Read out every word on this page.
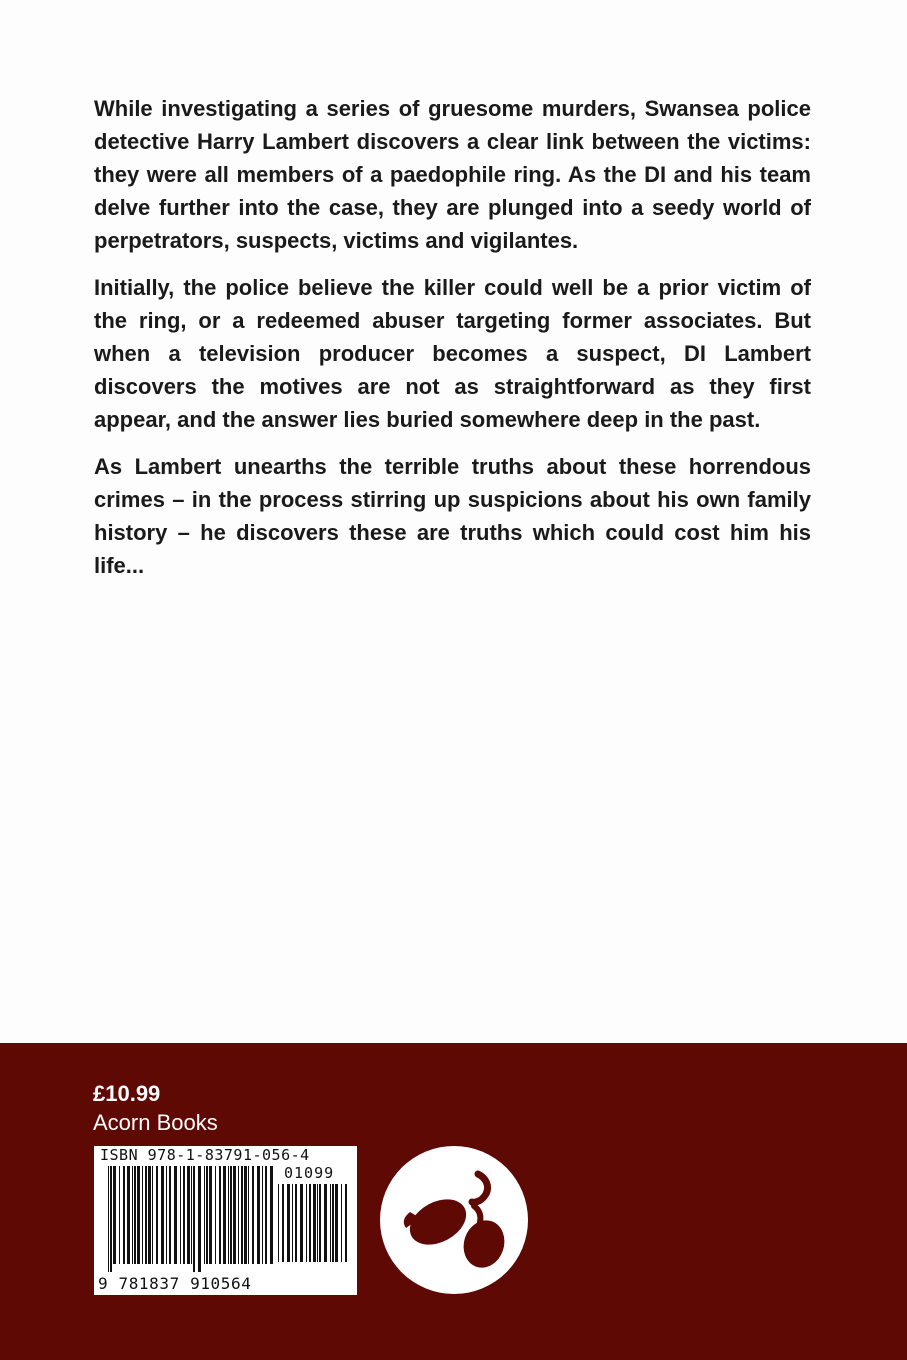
While investigating a series of gruesome murders, Swansea police detective Harry Lambert discovers a clear link between the victims: they were all members of a paedophile ring. As the DI and his team delve further into the case, they are plunged into a seedy world of perpetrators, suspects, victims and vigilantes.

Initially, the police believe the killer could well be a prior victim of the ring, or a redeemed abuser targeting former associates. But when a television producer becomes a suspect, DI Lambert discovers the motives are not as straightforward as they first appear, and the answer lies buried somewhere deep in the past.

As Lambert unearths the terrible truths about these horrendous crimes – in the process stirring up suspicions about his own family history – he discovers these are truths which could cost him his life...

£10.99
Acorn Books
ISBN 978-1-83791-056-4
01099
9 781837 910564
